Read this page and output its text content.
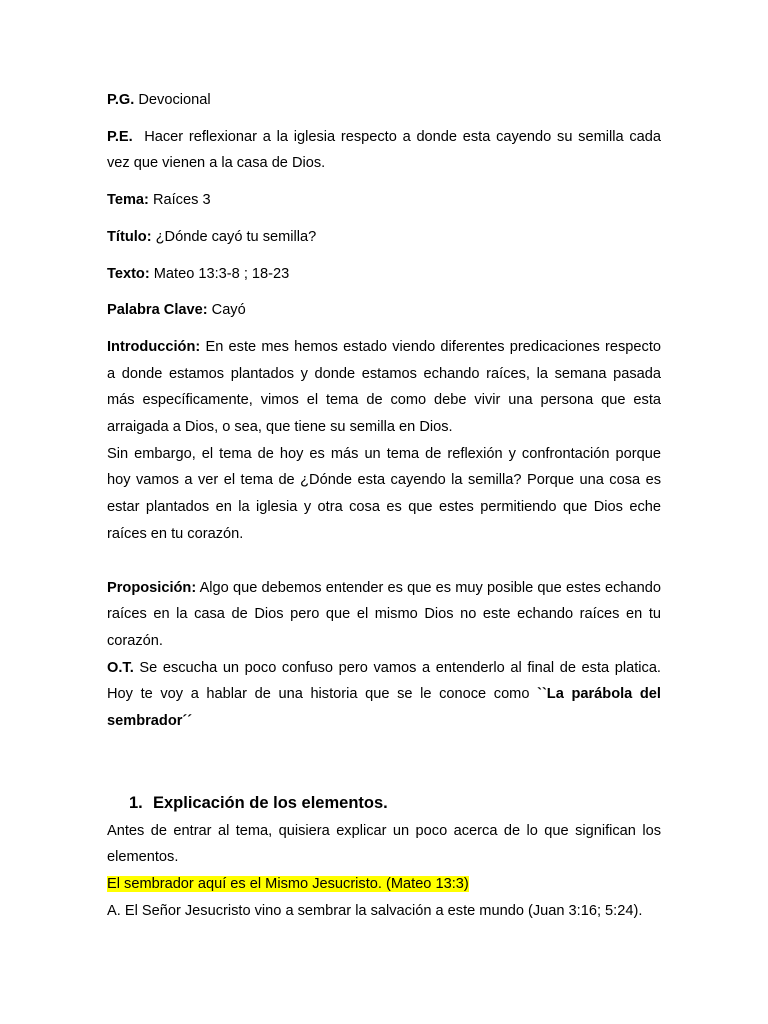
P.G. Devocional

P.E. Hacer reflexionar a la iglesia respecto a donde esta cayendo su semilla cada vez que vienen a la casa de Dios.

Tema: Raíces 3

Título: ¿Dónde cayó tu semilla?

Texto: Mateo 13:3-8 ; 18-23

Palabra Clave: Cayó

Introducción: En este mes hemos estado viendo diferentes predicaciones respecto a donde estamos plantados y donde estamos echando raíces, la semana pasada más específicamente, vimos el tema de como debe vivir una persona que esta arraigada a Dios, o sea, que tiene su semilla en Dios.

Sin embargo, el tema de hoy es más un tema de reflexión y confrontación porque hoy vamos a ver el tema de ¿Dónde esta cayendo la semilla? Porque una cosa es estar plantados en la iglesia y otra cosa es que estes permitiendo que Dios eche raíces en tu corazón.

Proposición: Algo que debemos entender es que es muy posible que estes echando raíces en la casa de Dios pero que el mismo Dios no este echando raíces en tu corazón.

O.T. Se escucha un poco confuso pero vamos a entenderlo al final de esta platica. Hoy te voy a hablar de una historia que se le conoce como ``La parábola del sembrador´´

1. Explicación de los elementos.

Antes de entrar al tema, quisiera explicar un poco acerca de lo que significan los elementos.

El sembrador aquí es el Mismo Jesucristo. (Mateo 13:3)

A. El Señor Jesucristo vino a sembrar la salvación a este mundo (Juan 3:16; 5:24).
